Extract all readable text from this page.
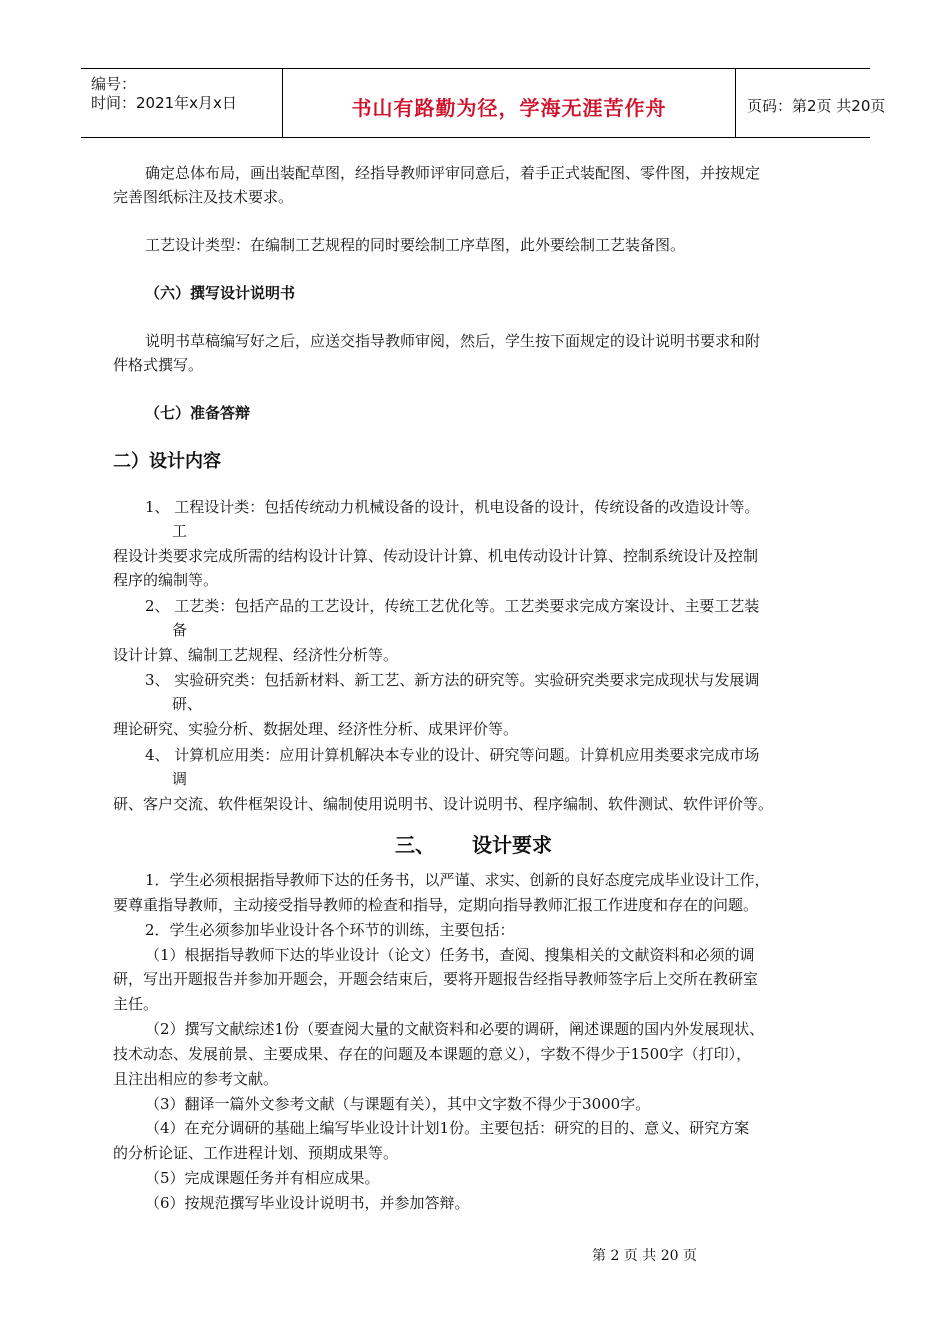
编号：
时间：2021年x月x日	书山有路勤为径，学海无涯苦作舟	页码：第2页 共20页
确定总体布局，画出装配草图，经指导教师评审同意后，着手正式装配图、零件图，并按规定
完善图纸标注及技术要求。
工艺设计类型：在编制工艺规程的同时要绘制工序草图，此外要绘制工艺装备图。
（六）撰写设计说明书
说明书草稿编写好之后，应送交指导教师审阅，然后，学生按下面规定的设计说明书要求和附
件格式撰写。
（七）准备答辩
二）设计内容
1、 工程设计类：包括传统动力机械设备的设计，机电设备的设计，传统设备的改造设计等。
工
程设计类要求完成所需的结构设计计算、传动设计计算、机电传动设计计算、控制系统设计及控制
程序的编制等。
2、 工艺类：包括产品的工艺设计，传统工艺优化等。工艺类要求完成方案设计、主要工艺装
备
设计计算、编制工艺规程、经济性分析等。
3、 实验研究类：包括新材料、新工艺、新方法的研究等。实验研究类要求完成现状与发展调
研、
理论研究、实验分析、数据处理、经济性分析、成果评价等。
4、 计算机应用类：应用计算机解决本专业的设计、研究等问题。计算机应用类要求完成市场
调
研、客户交流、软件框架设计、编制使用说明书、设计说明书、程序编制、软件测试、软件评价等。
三、 设计要求
1．学生必须根据指导教师下达的任务书，以严谨、求实、创新的良好态度完成毕业设计工作，
要尊重指导教师，主动接受指导教师的检查和指导，定期向指导教师汇报工作进度和存在的问题。
2．学生必须参加毕业设计各个环节的训练，主要包括：
（1）根据指导教师下达的毕业设计（论文）任务书，查阅、搜集相关的文献资料和必须的调
研，写出开题报告并参加开题会，开题会结束后，要将开题报告经指导教师签字后上交所在教研室
主任。
（2）撰写文献综述1份（要查阅大量的文献资料和必要的调研，阐述课题的国内外发展现状、
技术动态、发展前景、主要成果、存在的问题及本课题的意义），字数不得少于1500字（打印），
且注出相应的参考文献。
（3）翻译一篇外文参考文献（与课题有关），其中文字数不得少于3000字。
（4）在充分调研的基础上编写毕业设计计划1份。主要包括：研究的目的、意义、研究方案
的分析论证、工作进程计划、预期成果等。
（5）完成课题任务并有相应成果。
（6）按规范撰写毕业设计说明书，并参加答辩。
第 2 页 共 20 页
